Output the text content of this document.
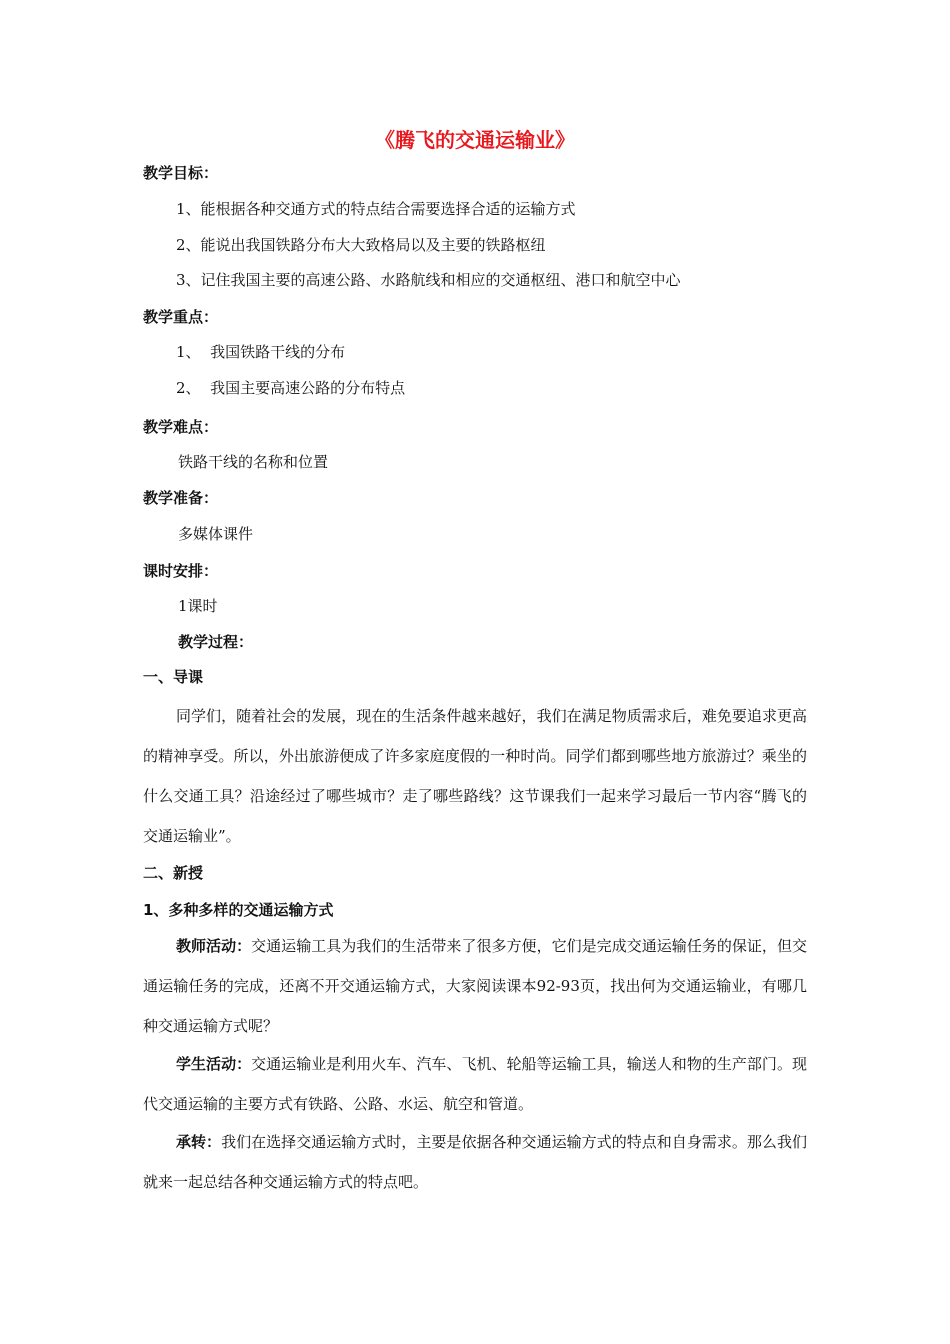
《腾飞的交通运输业》
教学目标：
1、能根据各种交通方式的特点结合需要选择合适的运输方式
2、能说出我国铁路分布大大致格局以及主要的铁路枢纽
3、记住我国主要的高速公路、水路航线和相应的交通枢纽、港口和航空中心
教学重点：
1、  我国铁路干线的分布
2、  我国主要高速公路的分布特点
教学难点：
铁路干线的名称和位置
教学准备：
多媒体课件
课时安排：
1课时
教学过程：
一、导课
同学们，随着社会的发展，现在的生活条件越来越好，我们在满足物质需求后，难免要追求更高的精神享受。所以，外出旅游便成了许多家庭度假的一种时尚。同学们都到哪些地方旅游过？乘坐的什么交通工具？沿途经过了哪些城市？走了哪些路线？这节课我们一起来学习最后一节内容“腾飞的交通运输业”。
二、新授
1、多种多样的交通运输方式
教师活动：交通运输工具为我们的生活带来了很多方便，它们是完成交通运输任务的保证，但交通运输任务的完成，还离不开交通运输方式，大家阅读课本92-93页，找出何为交通运输业，有哪几种交通运输方式呢？
学生活动：交通运输业是利用火车、汽车、飞机、轮船等运输工具，输送人和物的生产部门。现代交通运输的主要方式有铁路、公路、水运、航空和管道。
承转：我们在选择交通运输方式时，主要是依据各种交通运输方式的特点和自身需求。那么我们就来一起总结各种交通运输方式的特点吧。
